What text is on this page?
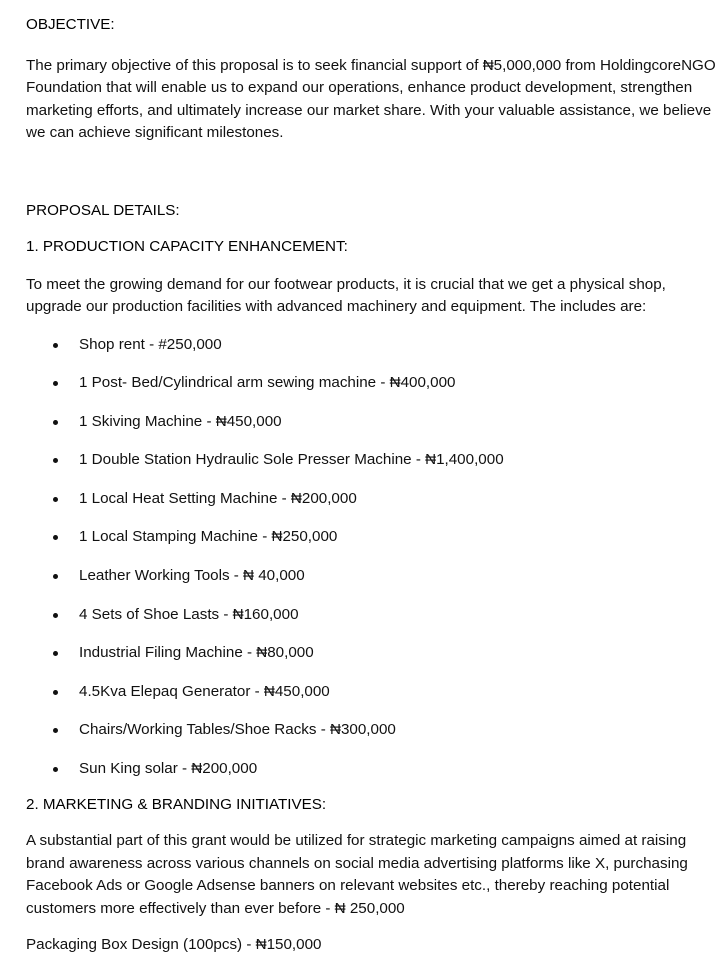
OBJECTIVE:

The primary objective of this proposal is to seek financial support of ₦5,000,000 from HoldingcoreNGO Foundation that will enable us to expand our operations, enhance product development, strengthen marketing efforts, and ultimately increase our market share. With your valuable assistance, we believe we can achieve significant milestones.

PROPOSAL DETAILS:
1. PRODUCTION CAPACITY ENHANCEMENT:

To meet the growing demand for our footwear products, it is crucial that we get a physical shop, upgrade our production facilities with advanced machinery and equipment. The includes are:

Shop rent - #250,000
1 Post- Bed/Cylindrical arm sewing machine - ₦400,000
1 Skiving Machine - ₦450,000
1 Double Station Hydraulic Sole Presser Machine - ₦1,400,000
1 Local Heat Setting Machine - ₦200,000
1 Local Stamping Machine - ₦250,000
Leather Working Tools - ₦ 40,000
4 Sets of Shoe Lasts - ₦160,000
Industrial Filing Machine - ₦80,000
4.5Kva Elepaq Generator - ₦450,000
Chairs/Working Tables/Shoe Racks - ₦300,000
Sun King solar - ₦200,000
2. MARKETING & BRANDING INITIATIVES:

A substantial part of this grant would be utilized for strategic marketing campaigns aimed at raising brand awareness across various channels on social media advertising platforms like X, purchasing Facebook Ads or Google Adsense banners on relevant websites etc., thereby reaching potential customers more effectively than ever before - ₦ 250,000

Packaging Box Design (100pcs) - ₦150,000
